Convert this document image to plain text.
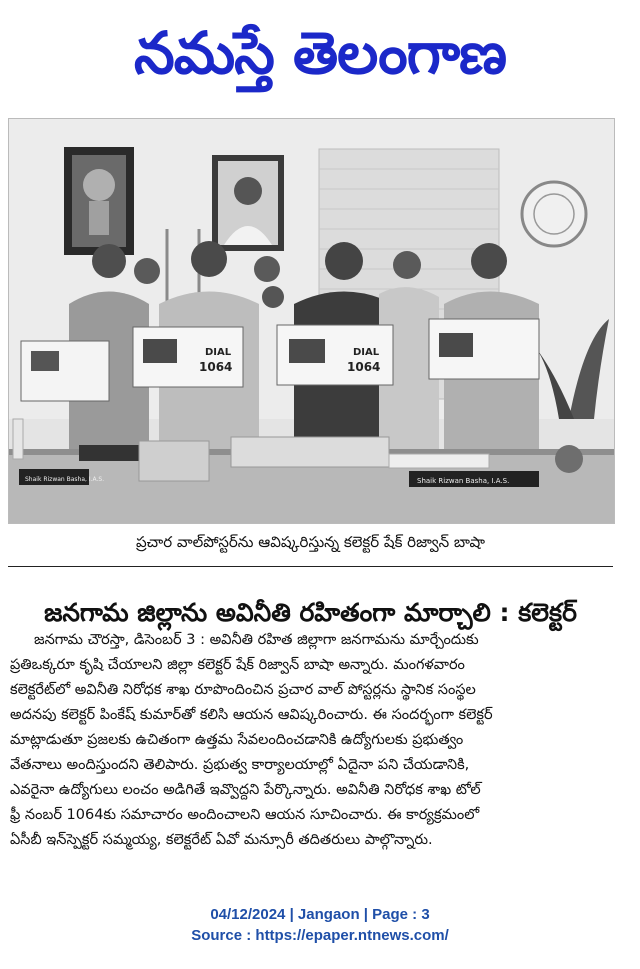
నమస్తే తెలంగాణ
DIAL
1064
DIAL
1064
Shaik Rizwan Basha, I.A.S.	Shaik Rizwan Basha, I.A.S.
ప్రచార వాల్‌పోస్టర్‌ను ఆవిష్కరిస్తున్న కలెక్టర్ షేక్ రిజ్వాన్ బాషా
జనగామ జిల్లాను అవినీతి రహితంగా మార్చాలి : కలెక్టర్
జనగామ చౌరస్తా, డిసెంబర్ 3 : అవినీతి రహిత జిల్లాగా జనగామను మార్చేందుకు
ప్రతిఒక్కరూ కృషి చేయాలని జిల్లా కలెక్టర్ షేక్ రిజ్వాన్ బాషా అన్నారు. మంగళవారం
కలెక్టరేట్‌లో అవినీతి నిరోధక శాఖ రూపొందించిన ప్రచార వాల్ పోస్టర్లను స్థానిక సంస్థల
అదనపు కలెక్టర్ పింకేష్ కుమార్‌తో కలిసి ఆయన ఆవిష్కరించారు. ఈ సందర్భంగా కలెక్టర్
మాట్లాడుతూ ప్రజలకు ఉచితంగా ఉత్తమ సేవలందించడానికి ఉద్యోగులకు ప్రభుత్వం
వేతనాలు అందిస్తుందని తెలిపారు. ప్రభుత్వ కార్యాలయాల్లో ఏదైనా పని చేయడానికి,
ఎవరైనా ఉద్యోగులు లంచం అడిగితే ఇవ్వొద్దని పేర్కొన్నారు. అవినీతి నిరోధక శాఖ టోల్
ఫ్రీ నంబర్ 1064కు సమాచారం అందించాలని ఆయన సూచించారు. ఈ కార్యక్రమంలో
ఏసీబీ ఇన్‌స్పెక్టర్ సమ్మయ్య, కలెక్టరేట్ ఏవో మన్సూరీ తదితరులు పాల్గొన్నారు.
04/12/2024 | Jangaon | Page : 3
Source : https://epaper.ntnews.com/
